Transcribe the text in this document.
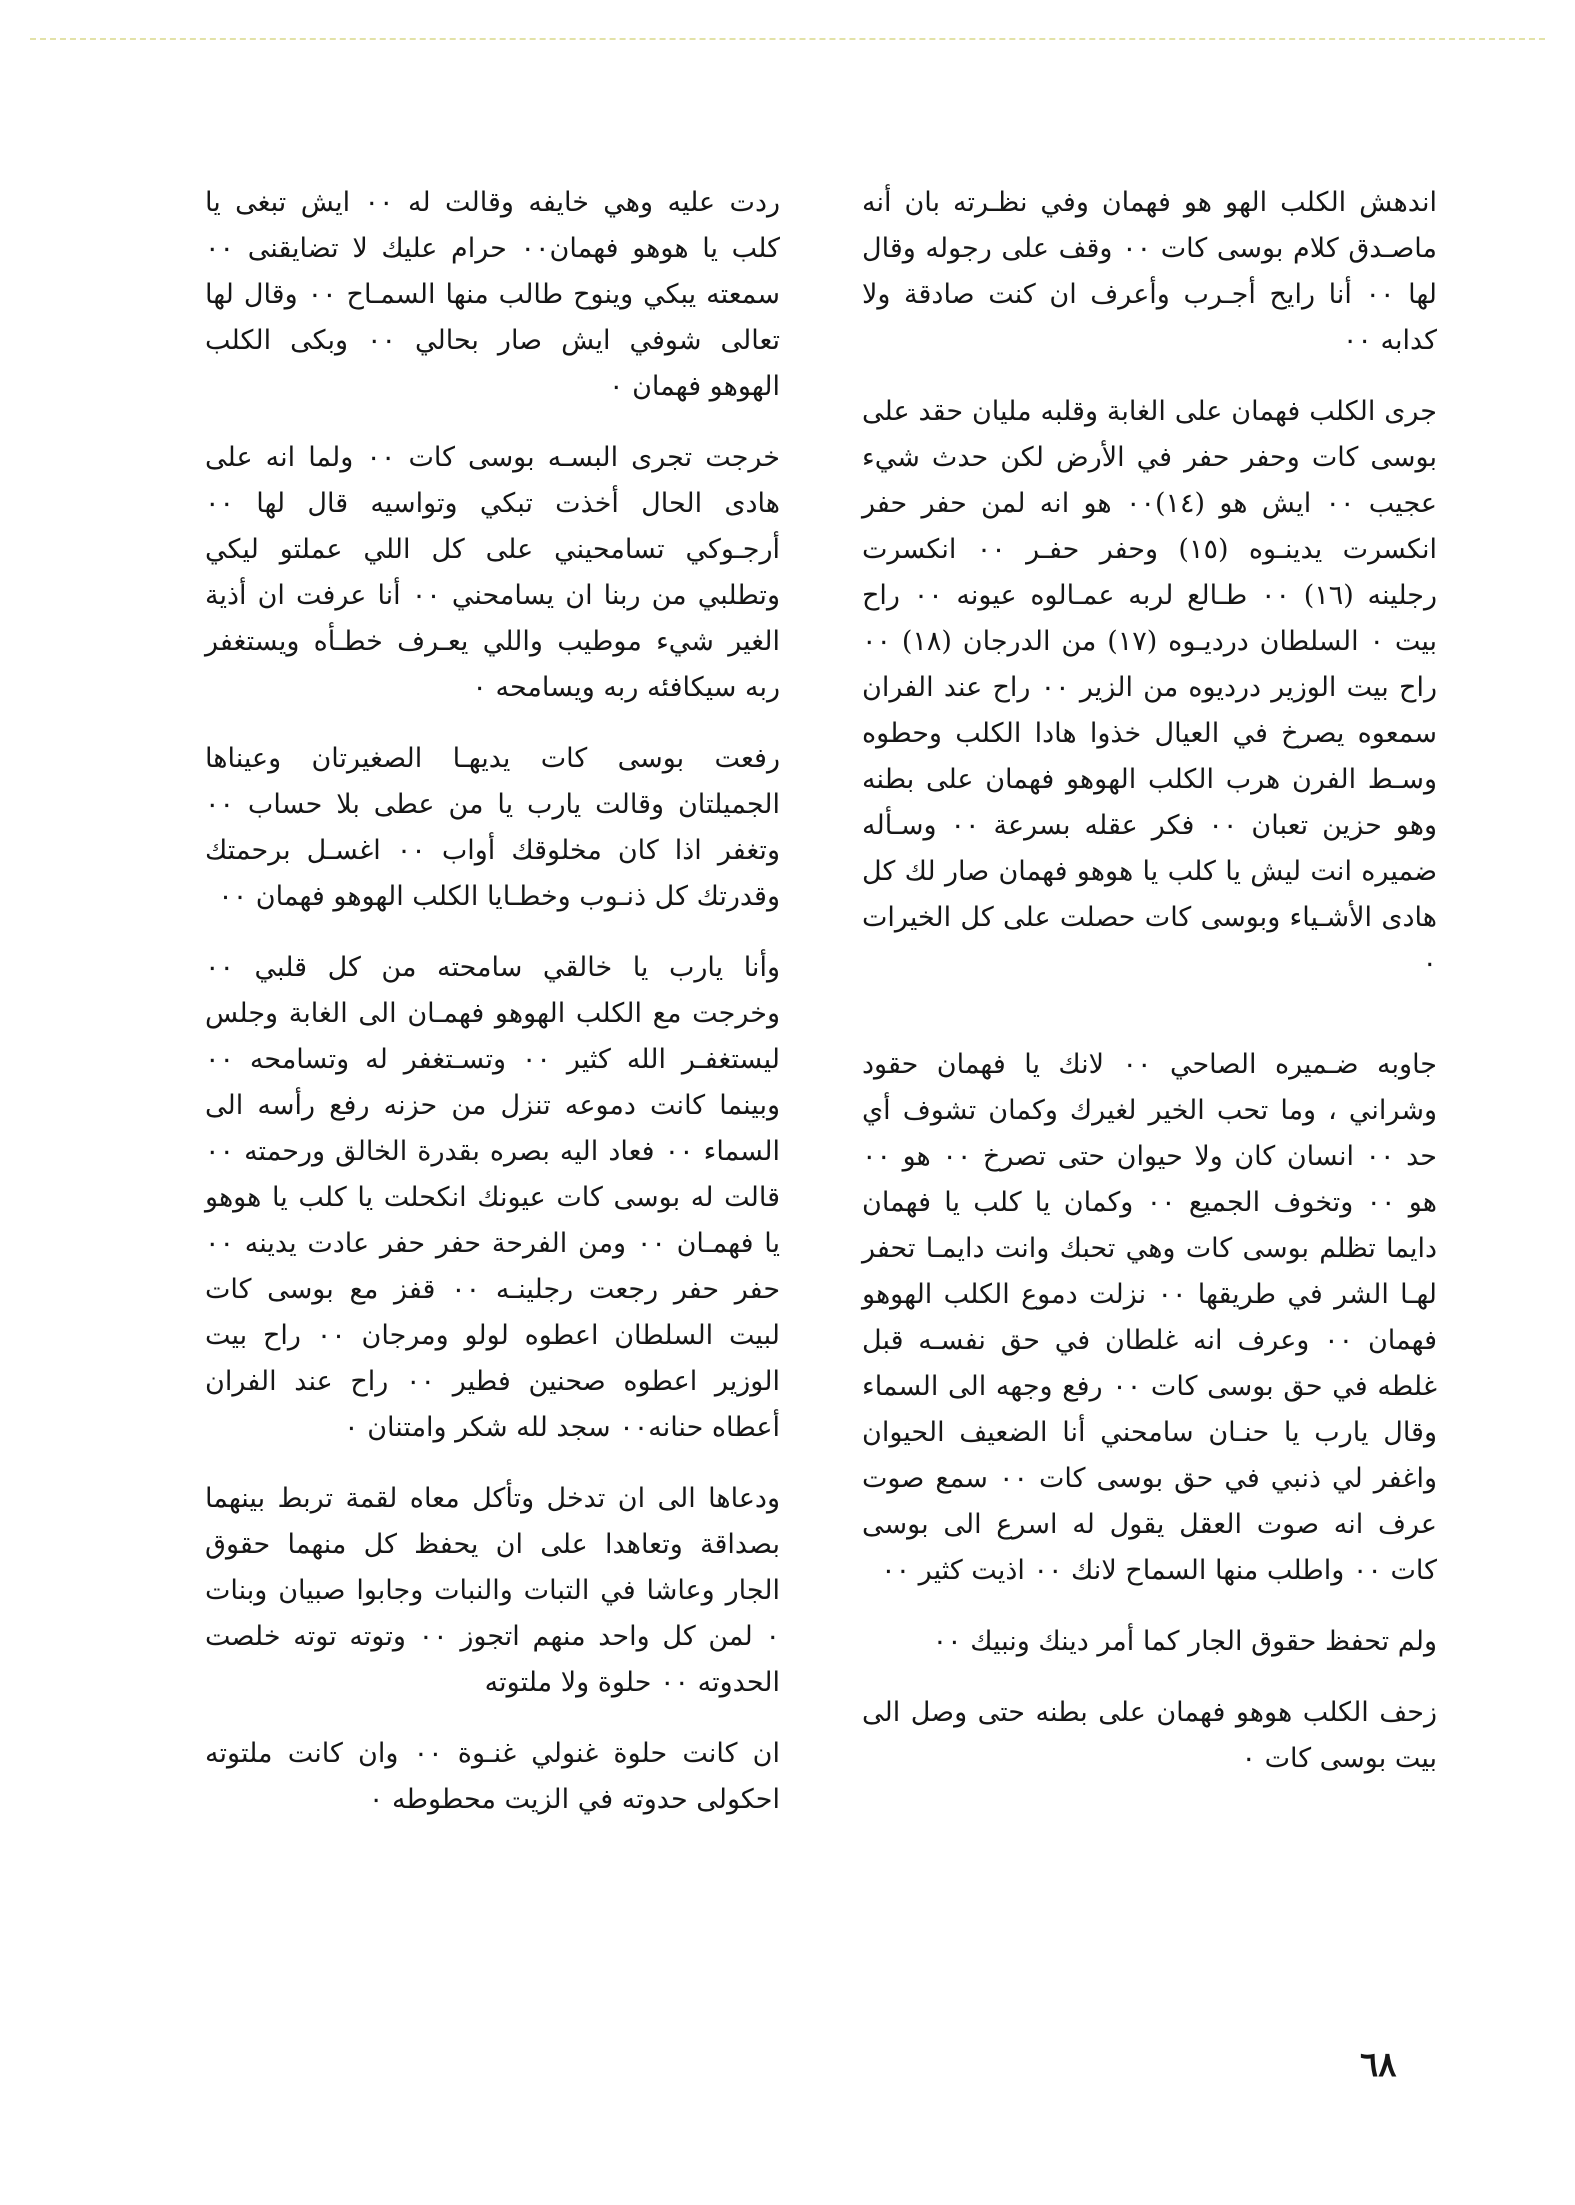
اندهش الكلب الهو هو فهمان وفي نظـرته بان أنه ماصـدق كلام بوسى كات ٠٠ وقف على رجوله وقال لها ٠٠ أنا رايح أجـرب وأعرف ان كنت صادقة ولا كدابه ٠٠

جرى الكلب فهمان على الغابة وقلبه مليان حقد على بوسى كات وحفر حفر في الأرض لكن حدث شيء عجيب ٠٠ ايش هو (١٤)٠٠ هو انه لمن حفر حفر انكسرت يدينـوه (١٥) وحفر حفـر ٠٠ انكسرت رجلينه (١٦) ٠٠ طـالع لربه عمـالوه عيونه ٠٠ راح بيت ٠ السلطان درديـوه (١٧) من الدرجان (١٨) ٠٠ راح بيت الوزير درديوه من الزير ٠٠ راح عند الفران سمعوه يصرخ في العيال خذوا هادا الكلب وحطوه وسـط الفرن هرب الكلب الهوهو فهمان على بطنه وهو حزين تعبان ٠٠ فكر عقله بسرعة ٠٠ وسـأله ضميره انت ليش يا كلب يا هوهو فهمان صار لك كل هادى الأشـياء وبوسى كات حصلت على كل الخيرات ٠

جاوبه ضـميره الصاحي ٠٠ لانك يا فهمان حقود وشراني ، وما تحب الخير لغيرك وكمان تشوف أي حد ٠٠ انسان كان ولا حيوان حتى تصرخ ٠٠ هو ٠٠ هو ٠٠ وتخوف الجميع ٠٠ وكمان يا كلب يا فهمان دايما تظلم بوسى كات وهي تحبك وانت دايمـا تحفر لهـا الشر في طريقها ٠٠ نزلت دموع الكلب الهوهو فهمان ٠٠ وعرف انه غلطان في حق نفسـه قبل غلطه في حق بوسى كات ٠٠ رفع وجهه الى السماء وقال يارب يا حنـان سامحني أنا الضعيف الحيوان واغفر لي ذنبي في حق بوسى كات ٠٠ سمع صوت عرف انه صوت العقل يقول له اسرع الى بوسى كات ٠٠ واطلب منها السماح لانك ٠٠ اذيت كثير ٠٠

ولم تحفظ حقوق الجار كما أمر دينك ونبيك ٠٠

زحف الكلب هوهو فهمان على بطنه حتى وصل الى بيت بوسى كات ٠

ردت عليه وهي خايفه وقالت له ٠٠ ايش تبغى يا كلب يا هوهو فهمان٠٠ حرام عليك لا تضايقنى ٠٠ سمعته يبكي وينوح طالب منها السمـاح ٠٠ وقال لها تعالى شوفي ايش صار بحالي ٠٠ وبكى الكلب الهوهو فهمان ٠

خرجت تجرى البسـه بوسى كات ٠٠ ولما انه على هادى الحال أخذت تبكي وتواسيه قال لها ٠٠ أرجـوكي تسامحيني على كل اللي عملتو ليكي وتطلبي من ربنا ان يسامحني ٠٠ أنا عرفت ان أذية الغير شيء موطيب واللي يعـرف خطـأه ويستغفر ربه سيكافئه ربه ويسامحه ٠

رفعت بوسى كات يديهـا الصغيرتان وعيناها الجميلتان وقالت يارب يا من عطى بلا حساب ٠٠ وتغفر اذا كان مخلوقك أواب ٠٠ اغسـل برحمتك وقدرتك كل ذنـوب وخطـايا الكلب الهوهو فهمان ٠٠

وأنا يارب يا خالقي سامحته من كل قلبي ٠٠ وخرجت مع الكلب الهوهو فهمـان الى الغابة وجلس ليستغفـر الله كثير ٠٠ وتسـتغفر له وتسامحه ٠٠ وبينما كانت دموعه تنزل من حزنه رفع رأسه الى السماء ٠٠ فعاد اليه بصره بقدرة الخالق ورحمته ٠٠ قالت له بوسى كات عيونك انكحلت يا كلب يا هوهو يا فهمـان ٠٠ ومن الفرحة حفر حفر عادت يدينه ٠٠ حفر حفر رجعت رجلينـه ٠٠ قفز مع بوسى كات لبيت السلطان اعطوه لولو ومرجان ٠٠ راح بيت الوزير اعطوه صحنين فطير ٠٠ راح عند الفران أعطاه حنانه٠٠ سجد لله شكر وامتنان ٠

ودعاها الى ان تدخل وتأكل معاه لقمة تربط بينهما بصداقة وتعاهدا على ان يحفظ كل منهما حقوق الجار وعاشا في التبات والنبات وجابوا صبيان وبنات ٠ لمن كل واحد منهم اتجوز ٠٠ وتوته توته خلصت الحدوته ٠٠ حلوة ولا ملتوته

ان كانت حلوة غنولي غنـوة ٠٠ وان كانت ملتوته احكولى حدوته في الزيت محطوطه ٠

٦٨
